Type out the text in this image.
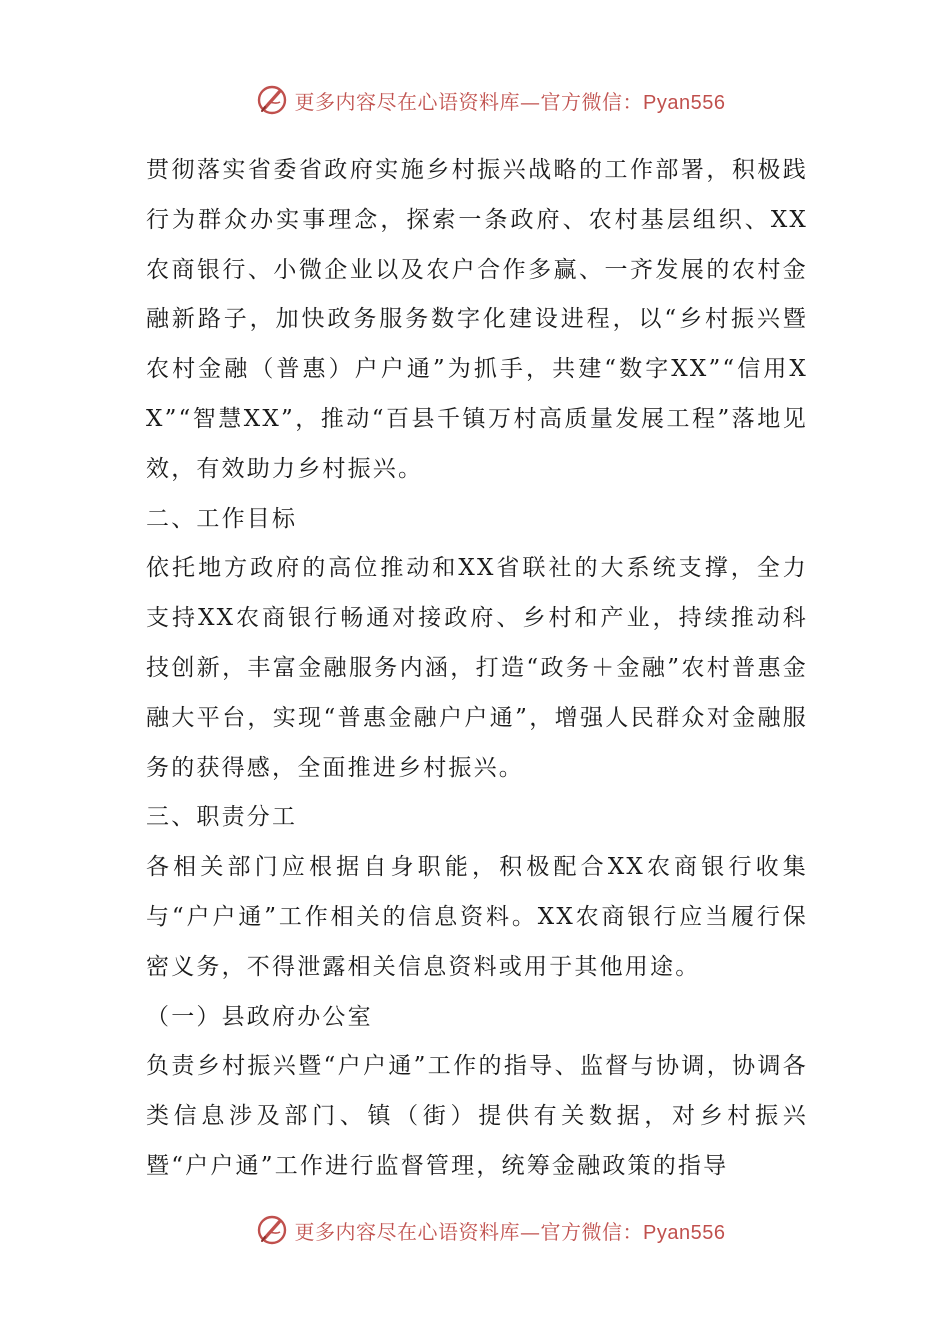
更多内容尽在心语资料库—官方微信：Pyan556

贯彻落实省委省政府实施乡村振兴战略的工作部署，积极践行为群众办实事理念，探索一条政府、农村基层组织、XX农商银行、小微企业以及农户合作多赢、一齐发展的农村金融新路子，加快政务服务数字化建设进程，以“乡村振兴暨农村金融（普惠）户户通”为抓手，共建“数字XX”“信用XX”“智慧XX”，推动“百县千镇万村高质量发展工程”落地见效，有效助力乡村振兴。

二、工作目标

依托地方政府的高位推动和XX省联社的大系统支撑，全力支持XX农商银行畅通对接政府、乡村和产业，持续推动科技创新，丰富金融服务内涵，打造“政务＋金融”农村普惠金融大平台，实现“普惠金融户户通”，增强人民群众对金融服务的获得感，全面推进乡村振兴。

三、职责分工

各相关部门应根据自身职能，积极配合XX农商银行收集与“户户通”工作相关的信息资料。XX农商银行应当履行保密义务，不得泄露相关信息资料或用于其他用途。

（一）县政府办公室

负责乡村振兴暨“户户通”工作的指导、监督与协调，协调各类信息涉及部门、镇（街）提供有关数据，对乡村振兴暨“户户通”工作进行监督管理，统筹金融政策的指导

更多内容尽在心语资料库—官方微信：Pyan556
